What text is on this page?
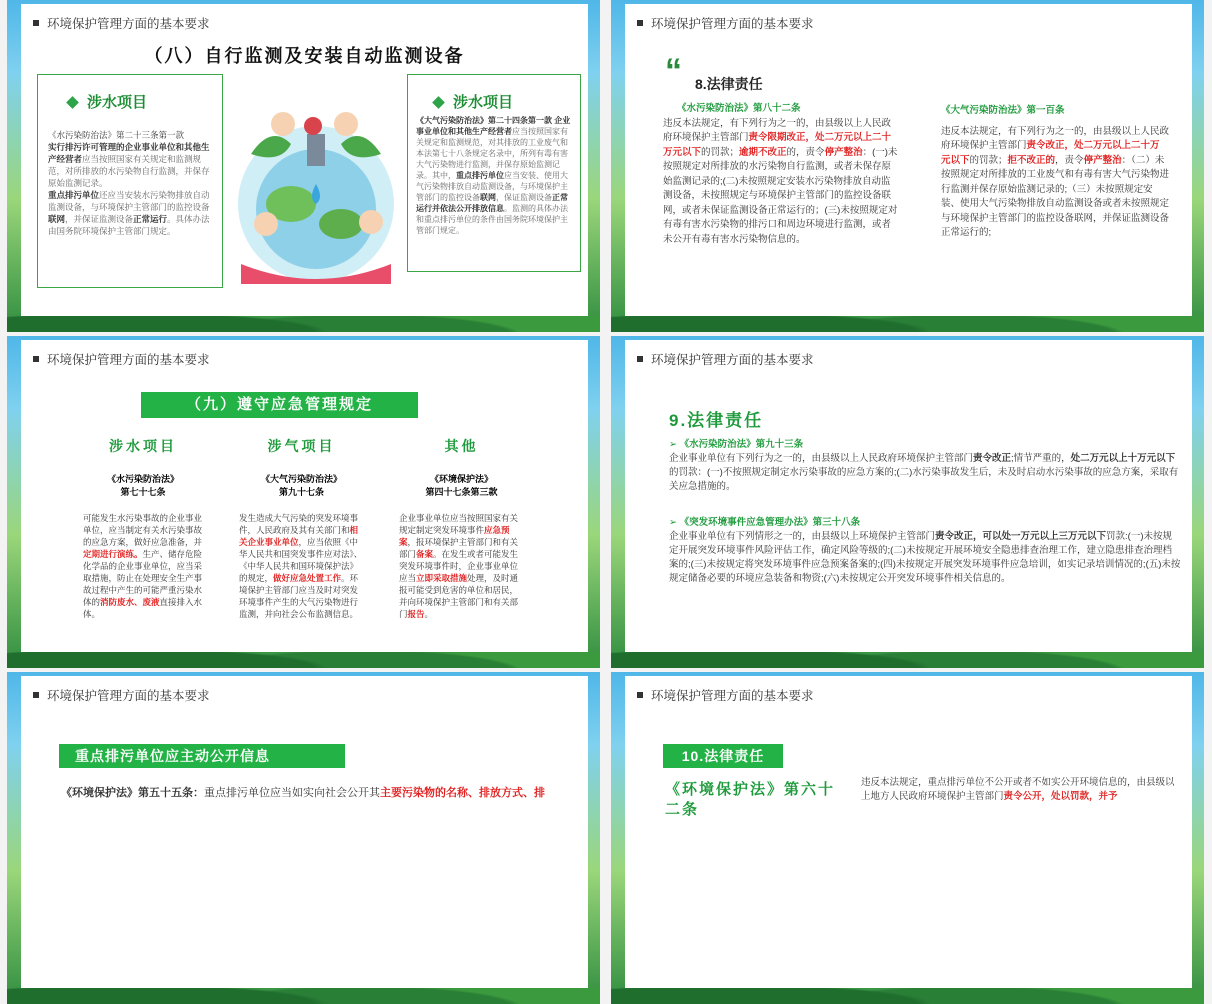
环境保护管理方面的基本要求
（八）自行监测及安装自动监测设备
涉水项目
《水污染防治法》第二十三条第一款
实行排污许可管理的企业事业单位和其他生产经营者应当按照国家有关规定和监测规范，对所排放的水污染物自行监测，并保存原始监测记录。
重点排污单位还应当安装水污染物排放自动监测设备，与环境保护主管部门的监控设备联网，并保证监测设备正常运行。具体办法由国务院环境保护主管部门规定。
涉水项目
《大气污染防治法》第二十四条第一款 企业事业单位和其他生产经营者应当按照国家有关规定和监测规范，对其排放的工业废气和本法第七十八条规定名录中，所列有毒有害大气污染物进行监测，并保存原始监测记录。其中，重点排污单位应当安装、使用大气污染物排放自动监测设备，与环境保护主管部门的监控设备联网，保证监测设备正常运行并依法公开排放信息。监测的具体办法和重点排污单位的条件由国务院环境保护主管部门规定。
环境保护管理方面的基本要求
“ 8.法律责任
《水污染防治法》第八十二条
违反本法规定，有下列行为之一的，由县级以上人民政府环境保护主管部门责令限期改正，处二万元以上二十万元以下的罚款；逾期不改正的，责令停产整治：(一)未按照规定对所排放的水污染物自行监测，或者未保存原始监测记录的;(二)未按照规定安装水污染物排放自动监测设备，未按照规定与环境保护主管部门的监控设备联网，或者未保证监测设备正常运行的；(三)未按照规定对有毒有害水污染物的排污口和周边环境进行监测，或者未公开有毒有害水污染物信息的。
《大气污染防治法》第一百条
违反本法规定，有下列行为之一的，由县级以上人民政府环境保护主管部门责令改正，处二万元以上二十万元以下的罚款；拒不改正的，责令停产整治：（二）未按照规定对所排放的工业废气和有毒有害大气污染物进行监测并保存原始监测记录的;（三）未按照规定安装、使用大气污染物排放自动监测设备或者未按照规定与环境保护主管部门的监控设备联网，并保证监测设备正常运行的;
环境保护管理方面的基本要求
（九）遵守应急管理规定
涉水项目
《水污染防治法》
第七十七条
可能发生水污染事故的企业事业单位，应当制定有关水污染事故的应急方案，做好应急准备，并定期进行演练。生产、储存危险化学品的企业事业单位，应当采取措施，防止在处理安全生产事故过程中产生的可能严重污染水体的消防废水、废液直接排入水体。
涉气项目
《大气污染防治法》
第九十七条
发生造成大气污染的突发环境事件，人民政府及其有关部门和相关企业事业单位，应当依照《中华人民共和国突发事件应对法》、《中华人民共和国环境保护法》的规定，做好应急处置工作。环境保护主管部门应当及时对突发环境事件产生的大气污染物进行监测，并向社会公布监测信息。
其他
《环境保护法》
第四十七条第三款
企业事业单位应当按照国家有关规定制定突发环境事件应急预案，报环境保护主管部门和有关部门备案。在发生或者可能发生突发环境事件时，企业事业单位应当立即采取措施处理，及时通报可能受到危害的单位和居民，并向环境保护主管部门和有关部门报告。
环境保护管理方面的基本要求
9.法律责任
➢ 《水污染防治法》第九十三条
企业事业单位有下列行为之一的，由县级以上人民政府环境保护主管部门责令改正;情节严重的，处二万元以上十万元以下的罚款：(一)不按照规定制定水污染事故的应急方案的;(二)水污染事故发生后，未及时启动水污染事故的应急方案，采取有关应急措施的。
➢ 《突发环境事件应急管理办法》第三十八条
企业事业单位有下列情形之一的，由县级以上环境保护主管部门责令改正，可以处一万元以上三万元以下罚款:(一)未按规定开展突发环境事件风险评估工作，确定风险等级的;(二)未按规定开展环境安全隐患排查治理工作，建立隐患排查治理档案的;(三)未按规定将突发环境事件应急预案备案的;(四)未按规定开展突发环境事件应急培训，如实记录培训情况的;(五)未按规定储备必要的环境应急装备和物资;(六)未按规定公开突发环境事件相关信息的。
环境保护管理方面的基本要求
重点排污单位应主动公开信息
《环境保护法》第五十五条：重点排污单位应当如实向社会公开其主要污染物的名称、排放方式、排
环境保护管理方面的基本要求
10.法律责任
《环境保护法》第六十
二条
违反本法规定，重点排污单位不公开或者不如实公开环境信息的，由县级以上地方人民政府环境保护主管部门责令公开，处以罚款，并予
